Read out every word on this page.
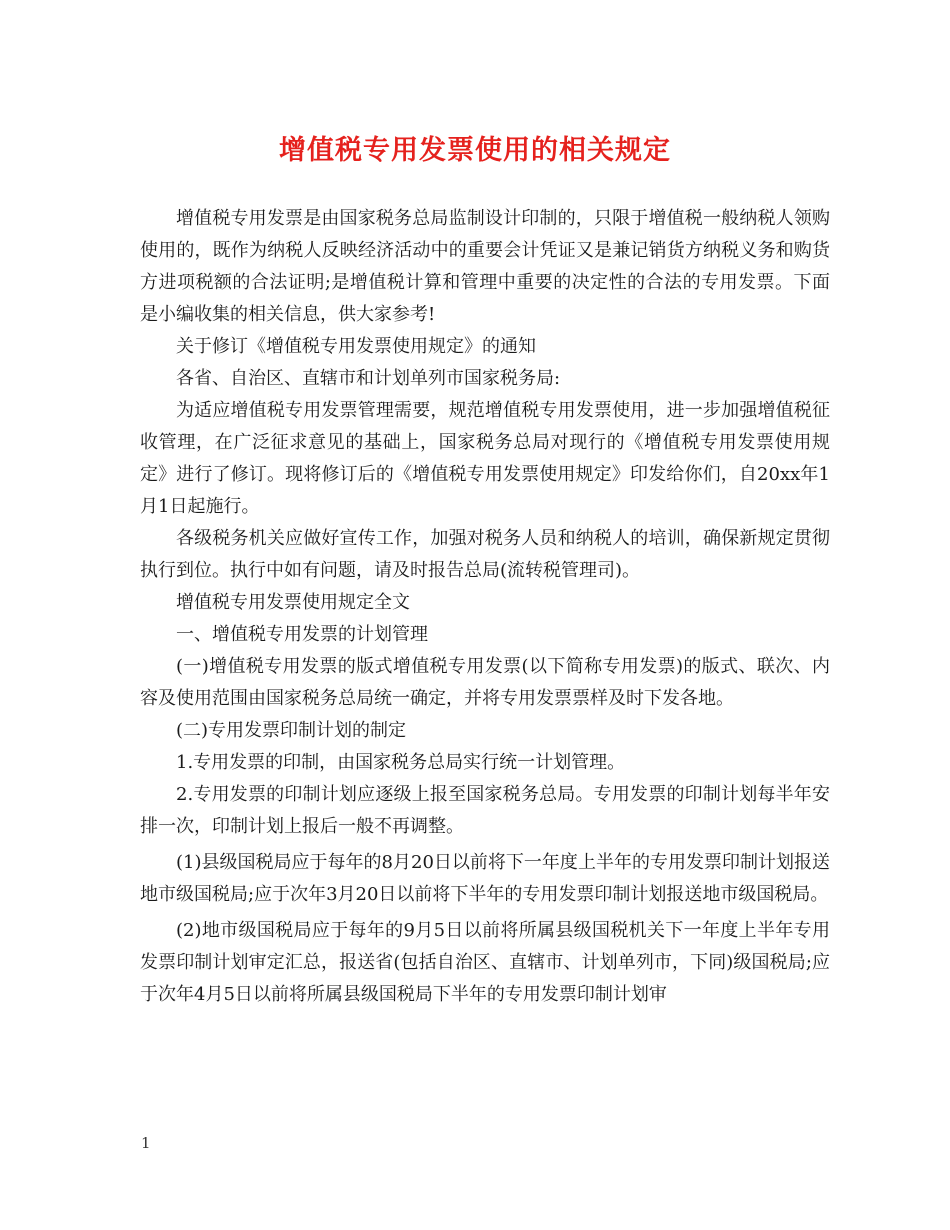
增值税专用发票使用的相关规定

增值税专用发票是由国家税务总局监制设计印制的，只限于增值税一般纳税人领购使用的，既作为纳税人反映经济活动中的重要会计凭证又是兼记销货方纳税义务和购货方进项税额的合法证明;是增值税计算和管理中重要的决定性的合法的专用发票。下面是小编收集的相关信息，供大家参考!

关于修订《增值税专用发票使用规定》的通知

各省、自治区、直辖市和计划单列市国家税务局:

为适应增值税专用发票管理需要，规范增值税专用发票使用，进一步加强增值税征收管理，在广泛征求意见的基础上，国家税务总局对现行的《增值税专用发票使用规定》进行了修订。现将修订后的《增值税专用发票使用规定》印发给你们，自20xx年1月1日起施行。

各级税务机关应做好宣传工作，加强对税务人员和纳税人的培训，确保新规定贯彻执行到位。执行中如有问题，请及时报告总局(流转税管理司)。

增值税专用发票使用规定全文

一、增值税专用发票的计划管理

(一)增值税专用发票的版式增值税专用发票(以下简称专用发票)的版式、联次、内容及使用范围由国家税务总局统一确定，并将专用发票票样及时下发各地。

(二)专用发票印制计划的制定

1.专用发票的印制，由国家税务总局实行统一计划管理。

2.专用发票的印制计划应逐级上报至国家税务总局。专用发票的印制计划每半年安排一次，印制计划上报后一般不再调整。

(1)县级国税局应于每年的8月20日以前将下一年度上半年的专用发票印制计划报送地市级国税局;应于次年3月20日以前将下半年的专用发票印制计划报送地市级国税局。

(2)地市级国税局应于每年的9月5日以前将所属县级国税机关下一年度上半年专用发票印制计划审定汇总，报送省(包括自治区、直辖市、计划单列市，下同)级国税局;应于次年4月5日以前将所属县级国税局下半年的专用发票印制计划审

1
